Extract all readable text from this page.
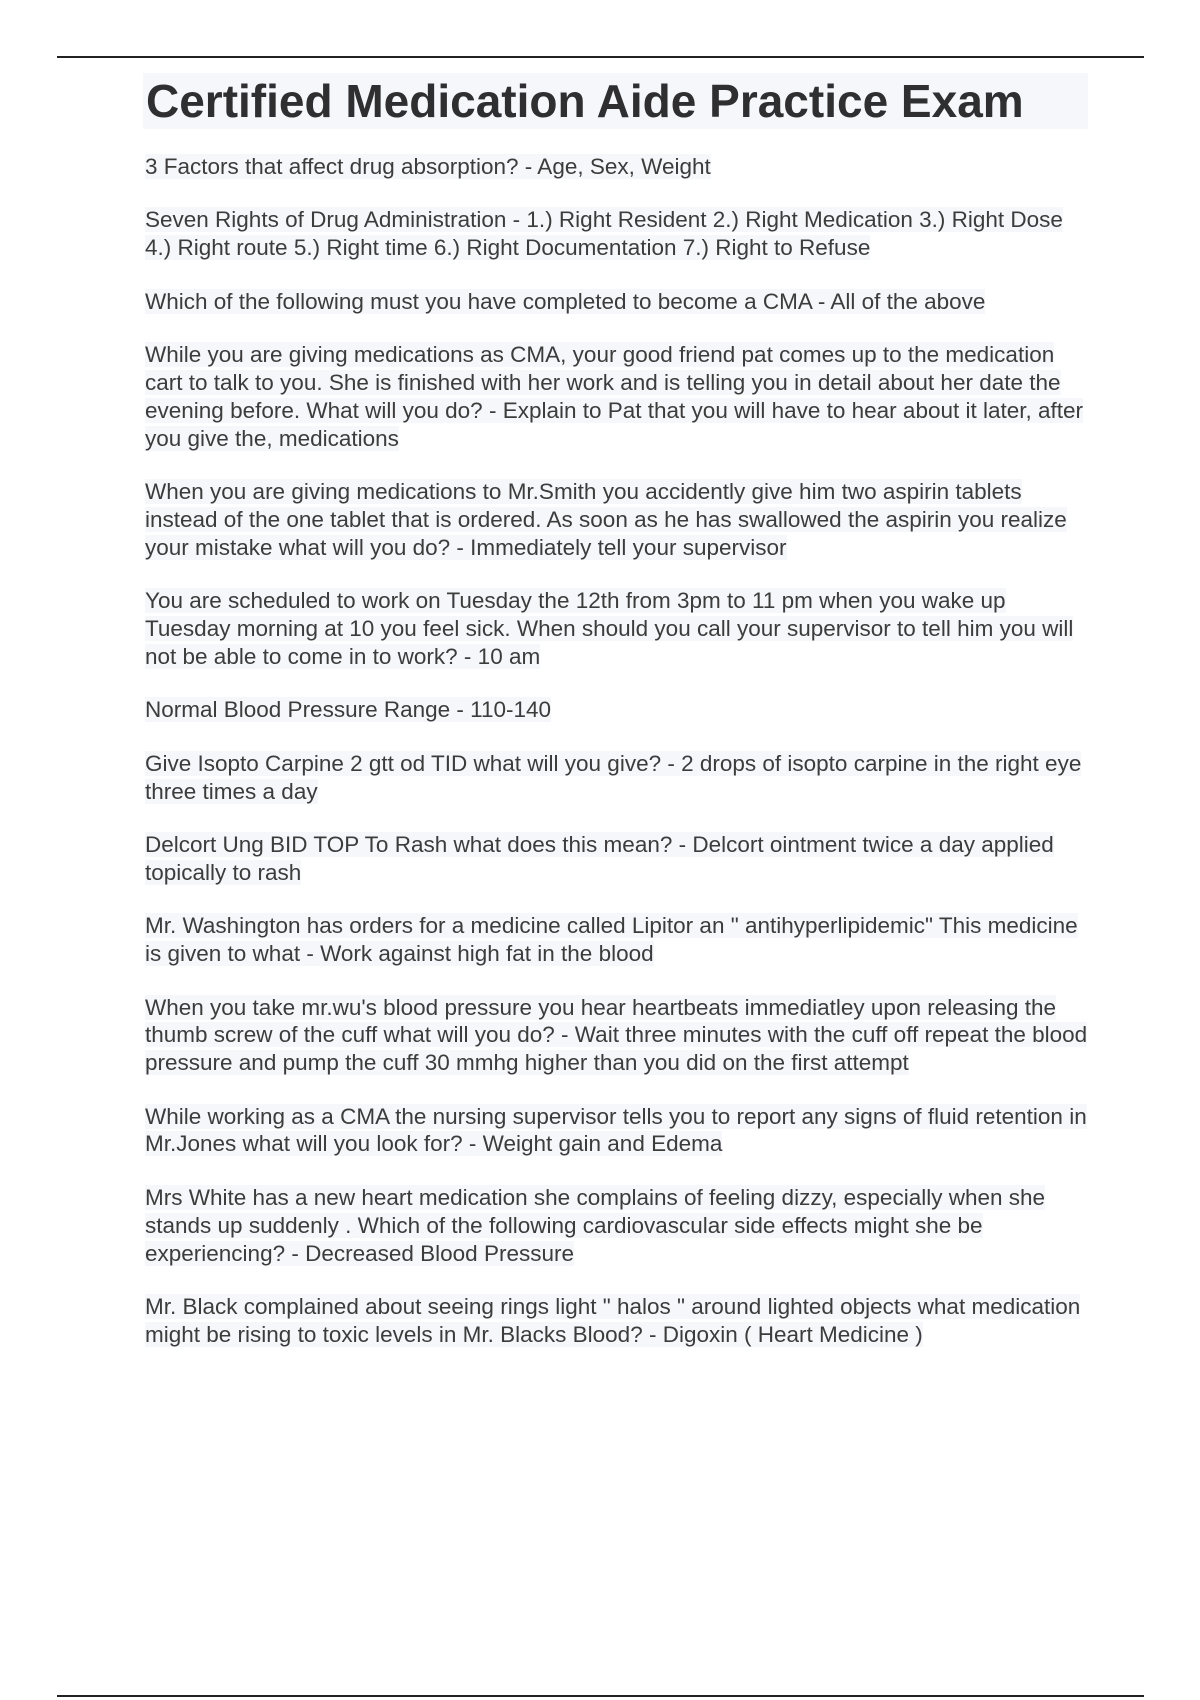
Certified Medication Aide Practice Exam
3 Factors that affect drug absorption? - Age, Sex, Weight
Seven Rights of Drug Administration - 1.) Right Resident 2.) Right Medication 3.) Right Dose 4.) Right route 5.) Right time 6.) Right Documentation 7.) Right to Refuse
Which of the following must you have completed to become a CMA - All of the above
While you are giving medications as CMA, your good friend pat comes up to the medication cart to talk to you. She is finished with her work and is telling you in detail about her date the evening before. What will you do? - Explain to Pat that you will have to hear about it later, after you give the, medications
When you are giving medications to Mr.Smith you accidently give him two aspirin tablets instead of the one tablet that is ordered. As soon as he has swallowed the aspirin you realize your mistake what will you do? - Immediately tell your supervisor
You are scheduled to work on Tuesday the 12th from 3pm to 11 pm when you wake up Tuesday morning at 10 you feel sick. When should you call your supervisor to tell him you will not be able to come in to work? - 10 am
Normal Blood Pressure Range - 110-140
Give Isopto Carpine 2 gtt od TID what will you give? - 2 drops of isopto carpine in the right eye three times a day
Delcort Ung BID TOP To Rash what does this mean? - Delcort ointment twice a day applied topically to rash
Mr. Washington has orders for a medicine called Lipitor an " antihyperlipidemic" This medicine is given to what - Work against high fat in the blood
When you take mr.wu's blood pressure you hear heartbeats immediatley upon releasing the thumb screw of the cuff what will you do? - Wait three minutes with the cuff off repeat the blood pressure and pump the cuff 30 mmhg higher than you did on the first attempt
While working as a CMA the nursing supervisor tells you to report any signs of fluid retention in Mr.Jones what will you look for? - Weight gain and Edema
Mrs White has a new heart medication she complains of feeling dizzy, especially when she stands up suddenly . Which of the following cardiovascular side effects might she be experiencing? - Decreased Blood Pressure
Mr. Black complained about seeing rings light " halos " around lighted objects what medication might be rising to toxic levels in Mr. Blacks Blood? - Digoxin ( Heart Medicine )
